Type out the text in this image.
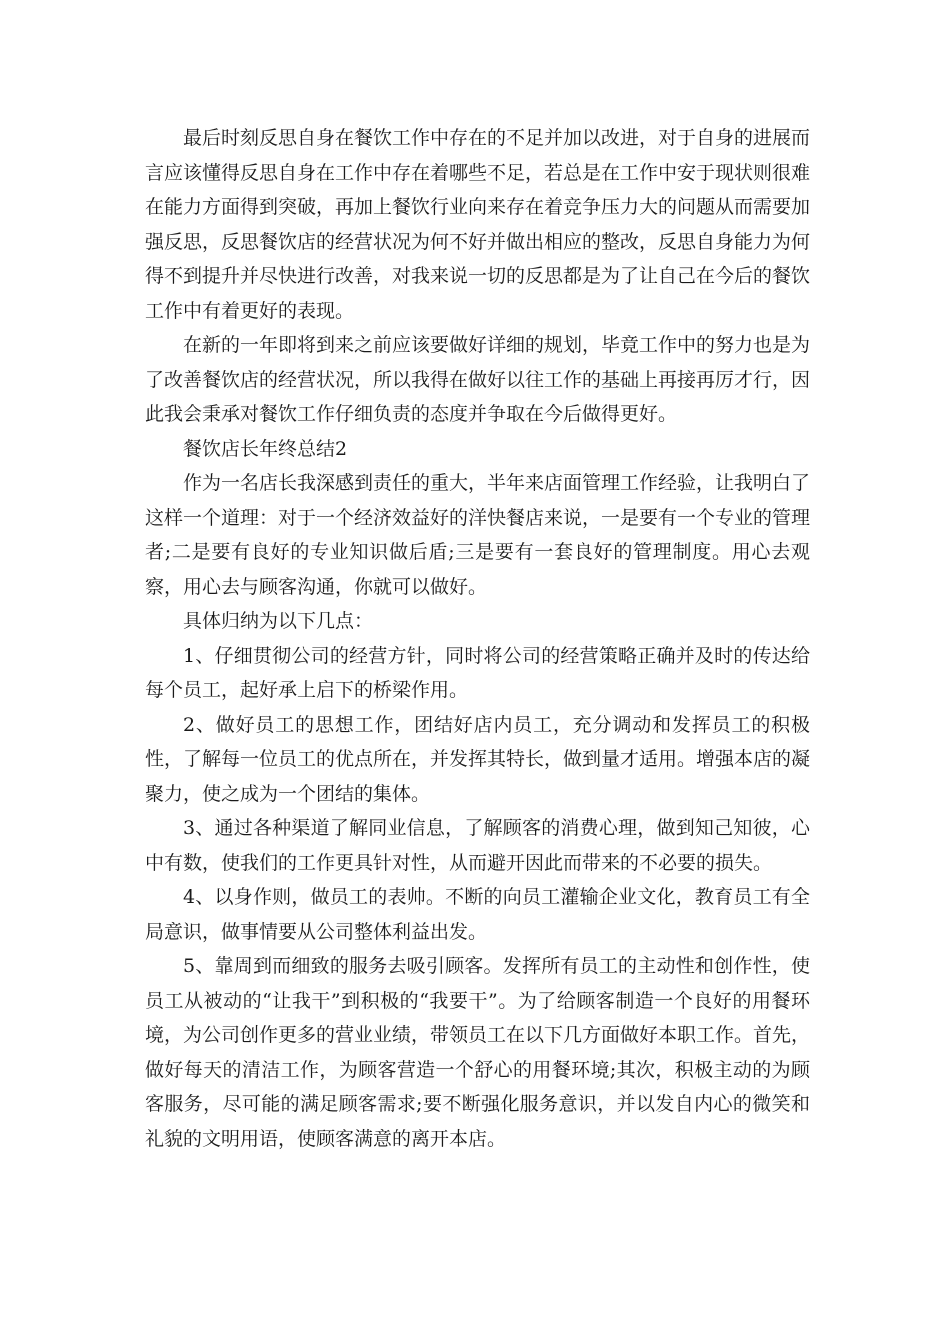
最后时刻反思自身在餐饮工作中存在的不足并加以改进，对于自身的进展而言应该懂得反思自身在工作中存在着哪些不足，若总是在工作中安于现状则很难在能力方面得到突破，再加上餐饮行业向来存在着竞争压力大的问题从而需要加强反思，反思餐饮店的经营状况为何不好并做出相应的整改，反思自身能力为何得不到提升并尽快进行改善，对我来说一切的反思都是为了让自己在今后的餐饮工作中有着更好的表现。

在新的一年即将到来之前应该要做好详细的规划，毕竟工作中的努力也是为了改善餐饮店的经营状况，所以我得在做好以往工作的基础上再接再厉才行，因此我会秉承对餐饮工作仔细负责的态度并争取在今后做得更好。

餐饮店长年终总结2

作为一名店长我深感到责任的重大，半年来店面管理工作经验，让我明白了这样一个道理：对于一个经济效益好的洋快餐店来说，一是要有一个专业的管理者;二是要有良好的专业知识做后盾;三是要有一套良好的管理制度。用心去观察，用心去与顾客沟通，你就可以做好。

具体归纳为以下几点：

1、仔细贯彻公司的经营方针，同时将公司的经营策略正确并及时的传达给每个员工，起好承上启下的桥梁作用。

2、做好员工的思想工作，团结好店内员工，充分调动和发挥员工的积极性，了解每一位员工的优点所在，并发挥其特长，做到量才适用。增强本店的凝聚力，使之成为一个团结的集体。

3、通过各种渠道了解同业信息，了解顾客的消费心理，做到知己知彼，心中有数，使我们的工作更具针对性，从而避开因此而带来的不必要的损失。

4、以身作则，做员工的表帅。不断的向员工灌输企业文化，教育员工有全局意识，做事情要从公司整体利益出发。

5、靠周到而细致的服务去吸引顾客。发挥所有员工的主动性和创作性，使员工从被动的“让我干”到积极的“我要干”。为了给顾客制造一个良好的用餐环境，为公司创作更多的营业业绩，带领员工在以下几方面做好本职工作。首先，做好每天的清洁工作，为顾客营造一个舒心的用餐环境;其次，积极主动的为顾客服务，尽可能的满足顾客需求;要不断强化服务意识，并以发自内心的微笑和礼貌的文明用语，使顾客满意的离开本店。
